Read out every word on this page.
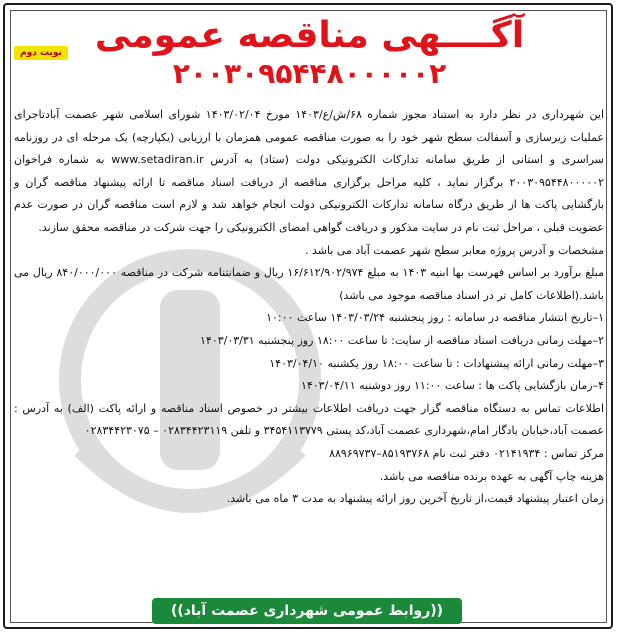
نوبت دوم آگــــهی مناقصه عمومی
۲۰۰۳۰۹۵۴۴۸۰۰۰۰۰۲

این شهرداری در نظر دارد به استناد مجوز شماره ۶۸/ش/ع/۱۴۰۳ مورخ ۱۴۰۳/۰۲/۰۴ شورای اسلامی شهر عصمت آبادتاجرای عملیات زیرسازی و آسفالت سطح شهر خود را به صورت مناقصه عمومی همزمان با ارزیابی (یکپارچه) یک مرحله ای در روزنامه سراسری و استانی از طریق سامانه تدارکات الکترونیکی دولت (ستاد) به آدرس www.setadiran.ir به شماره فراخوان ۲۰۰۳۰۹۵۴۴۸۰۰۰۰۰۲ برگزار نماید ، کلیه مراحل برگزاری مناقصه از دریافت اسناد مناقصه تا ارائه پیشنهاد مناقصه گران و بازگشایی پاکت ها از طریق درگاه سامانه تدارکات الکترونیکی دولت انجام خواهد شد و لازم است مناقصه گران در صورت عدم عضویت قبلی ، مراحل ثبت نام در سایت مذکور و دریافت گواهی امضای الکترونیکی را جهت شرکت در مناقصه محقق سازند.

مشخصات و آدرس پروژه معابر سطح شهر عصمت آباد می باشد .

مبلغ برآورد بر اساس فهرست بها ابنیه ۱۴۰۳ به مبلغ ۱۶/۶۱۲/۹۰۲/۹۷۴ ریال و ضمانتنامه شرکت در مناقصه ۸۴۰/۰۰۰/۰۰۰ ریال می باشد.(اطلاعات کامل تر در اسناد مناقصه موجود می باشد)

۱–تاریخ انتشار مناقصه در سامانه : روز پنجشنبه ۱۴۰۳/۰۳/۲۴ ساعت ۱۰:۰۰

۲–مهلت زمانی دریافت اسناد مناقصه از سایت: تا ساعت ۱۸:۰۰ روز پنجشنبه ۱۴۰۳/۰۳/۳۱

۳–مهلت زمانی ارائه پیشنهادات : تا ساعت ۱۸:۰۰ روز یکشنبه ۱۴۰۳/۰۴/۱۰

۴–زمان بازگشایی پاکت ها : ساعت ۱۱:۰۰ روز دوشنبه ۱۴۰۳/۰۴/۱۱

اطلاعات تماس به دستگاه مناقصه گزار جهت دریافت اطلاعات بیشتر در خصوص اسناد مناقصه و ارائه پاکت (الف) به آدرس : عصمت آباد،خیابان یادگار امام،شهرداری عصمت آباد،کد پستی ۳۴۵۴۱۱۳۷۷۹ و تلفن ۰۲۸۳۴۴۲۳۱۱۹ – ۰۲۸۳۴۴۲۳۰۷۵

مرکز تماس : ۰۲۱۴۱۹۳۴ دفتر ثبت نام ۸۵۱۹۳۷۶۸–۸۸۹۶۹۷۳۷

هزینه چاپ آگهی به عهده برنده مناقصه می باشد.

زمان اعتبار پیشنهاد قیمت،از تاریخ آخرین روز ارائه پیشنهاد به مدت ۳ ماه می باشد.

((روابط عمومی شهرداری عصمت آباد))
